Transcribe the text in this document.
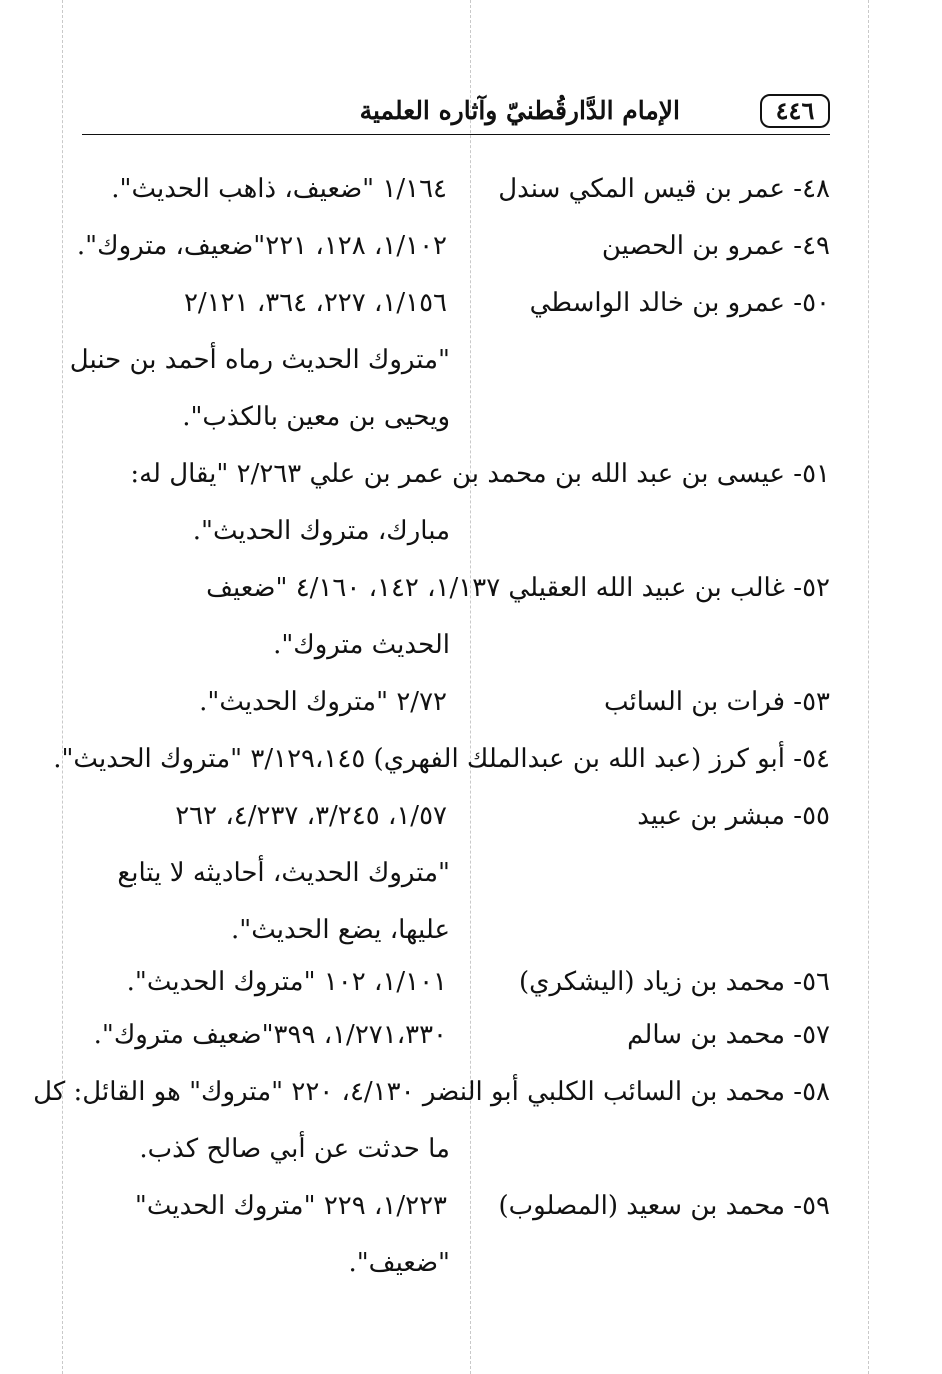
الإمام الدَّارقُطنيّ وآثاره العلمية	٤٤٦
٤٨- عمر بن قيس المكي سندل
١/١٦٤ "ضعيف، ذاهب الحديث".
٤٩- عمرو بن الحصين
١/١٠٢، ١٢٨، ٢٢١"ضعيف، متروك".
٥٠- عمرو بن خالد الواسطي
١/١٥٦، ٢٢٧، ٣٦٤، ٢/١٢١
"متروك الحديث رماه أحمد بن حنبل
ويحيى بن معين بالكذب".
٥١- عيسى بن عبد الله بن محمد بن عمر بن علي ٢/٢٦٣ "يقال له:
مبارك، متروك الحديث".
٥٢- غالب بن عبيد الله العقيلي ١/١٣٧، ١٤٢، ٤/١٦٠ "ضعيف
الحديث متروك".
٥٣- فرات بن السائب
٢/٧٢ "متروك الحديث".
٥٤- أبو كرز (عبد الله بن عبدالملك الفهري) ٣/١٢٩،١٤٥ "متروك الحديث".
٥٥- مبشر بن عبيد
١/٥٧، ٣/٢٤٥، ٤/٢٣٧، ٢٦٢
"متروك الحديث، أحاديثه لا يتابع
عليها، يضع الحديث".
٥٦- محمد بن زياد (اليشكري)
١/١٠١، ١٠٢ "متروك الحديث".
٥٧- محمد بن سالم
١/٢٧١،٣٣٠، ٣٩٩"ضعيف متروك".
٥٨- محمد بن السائب الكلبي أبو النضر ٤/١٣٠، ٢٢٠ "متروك" هو القائل: كل
ما حدثت عن أبي صالح كذب.
٥٩- محمد بن سعيد (المصلوب)
١/٢٢٣، ٢٢٩ "متروك الحديث"
"ضعيف".
